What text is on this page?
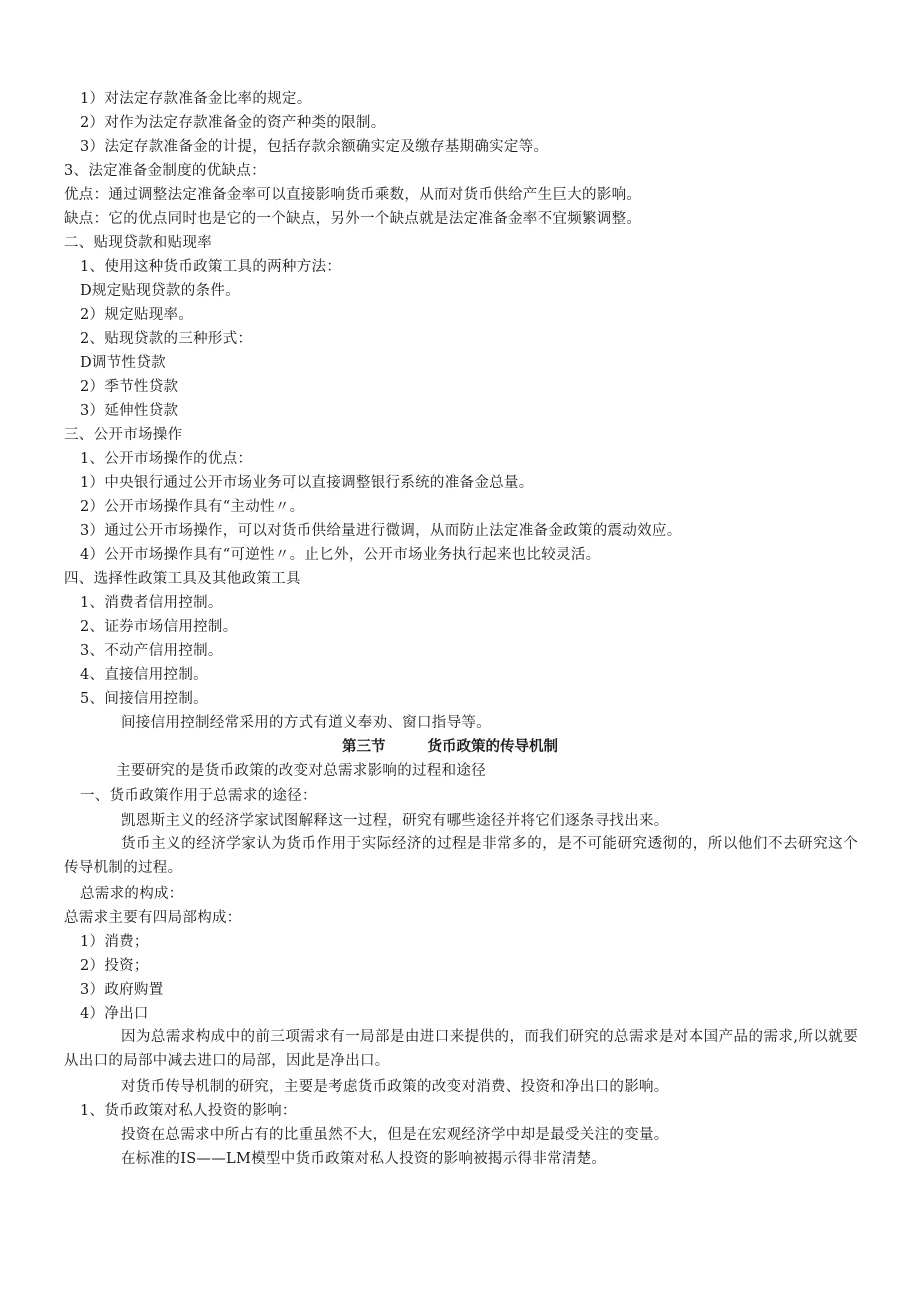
1）对法定存款准备金比率的规定。
2）对作为法定存款准备金的资产种类的限制。
3）法定存款准备金的计提，包括存款余额确实定及缴存基期确实定等。
3、法定准备金制度的优缺点：
优点：通过调整法定准备金率可以直接影响货币乘数，从而对货币供给产生巨大的影响。
缺点：它的优点同时也是它的一个缺点，另外一个缺点就是法定准备金率不宜频繁调整。
二、贴现贷款和贴现率
1、使用这种货币政策工具的两种方法：
D规定贴现贷款的条件。
2）规定贴现率。
2、贴现贷款的三种形式：
D调节性贷款
2）季节性贷款
3）延伸性贷款
三、公开市场操作
1、公开市场操作的优点：
1）中央银行通过公开市场业务可以直接调整银行系统的准备金总量。
2）公开市场操作具有“主动性〃。
3）通过公开市场操作，可以对货币供给量进行微调，从而防止法定准备金政策的震动效应。
4）公开市场操作具有“可逆性〃。止匕外，公开市场业务执行起来也比较灵活。
四、选择性政策工具及其他政策工具
1、消费者信用控制。
2、证券市场信用控制。
3、不动产信用控制。
4、直接信用控制。
5、间接信用控制。
间接信用控制经常采用的方式有道义奉劝、窗口指导等。
第三节	货币政策的传导机制
主要研究的是货币政策的改变对总需求影响的过程和途径
一、货币政策作用于总需求的途径：
凯恩斯主义的经济学家试图解释这一过程，研究有哪些途径并将它们逐条寻找出来。
货币主义的经济学家认为货币作用于实际经济的过程是非常多的，是不可能研究透彻的，所以他们不去研究这个传导机制的过程。
总需求的构成：
总需求主要有四局部构成：
1）消费；
2）投资；
3）政府购置
4）净出口
因为总需求构成中的前三项需求有一局部是由进口来提供的，而我们研究的总需求是对本国产品的需求,所以就要从出口的局部中减去进口的局部，因此是净出口。
对货币传导机制的研究，主要是考虑货币政策的改变对消费、投资和净出口的影响。
1、货币政策对私人投资的影响：
投资在总需求中所占有的比重虽然不大，但是在宏观经济学中却是最受关注的变量。
在标准的IS——LM模型中货币政策对私人投资的影响被揭示得非常清楚。
